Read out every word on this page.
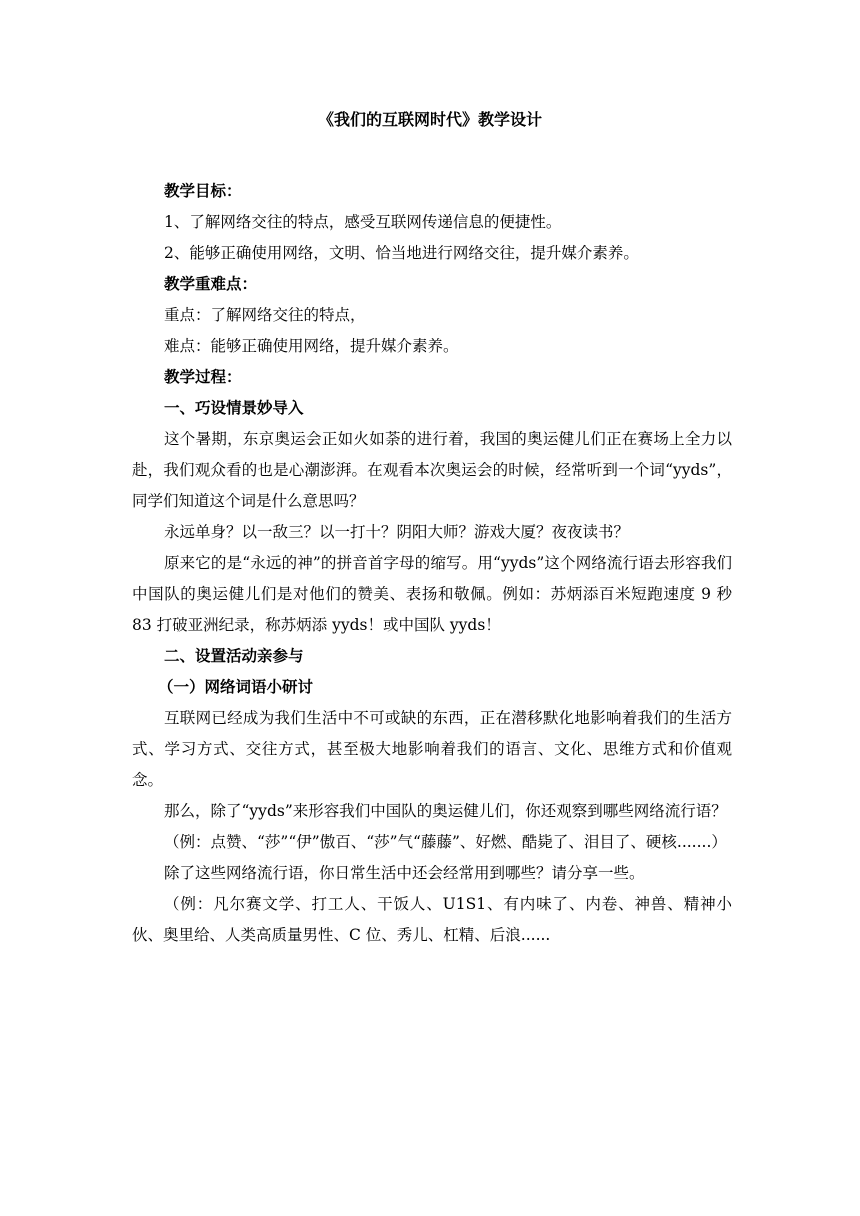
《我们的互联网时代》教学设计

教学目标：

1、了解网络交往的特点，感受互联网传递信息的便捷性。

2、能够正确使用网络，文明、恰当地进行网络交往，提升媒介素养。

教学重难点：

重点：了解网络交往的特点，

难点：能够正确使用网络，提升媒介素养。

教学过程：

一、巧设情景妙导入

这个暑期，东京奥运会正如火如荼的进行着，我国的奥运健儿们正在赛场上全力以赴，我们观众看的也是心潮澎湃。在观看本次奥运会的时候，经常听到一个词“yyds”，同学们知道这个词是什么意思吗？

永远单身？以一敌三？以一打十？阴阳大师？游戏大厦？夜夜读书？

原来它的是“永远的神”的拼音首字母的缩写。用“yyds”这个网络流行语去形容我们中国队的奥运健儿们是对他们的赞美、表扬和敬佩。例如：苏炳添百米短跑速度 9 秒 83 打破亚洲纪录，称苏炳添 yyds！或中国队 yyds！

二、设置活动亲参与

（一）网络词语小研讨

互联网已经成为我们生活中不可或缺的东西，正在潜移默化地影响着我们的生活方式、学习方式、交往方式，甚至极大地影响着我们的语言、文化、思维方式和价值观念。

那么，除了“yyds”来形容我们中国队的奥运健儿们，你还观察到哪些网络流行语？

（例：点赞、“莎”“伊”傲百、“莎”气“藤藤”、好燃、酷毙了、泪目了、硬核.......）

除了这些网络流行语，你日常生活中还会经常用到哪些？请分享一些。

（例：凡尔赛文学、打工人、干饭人、U1S1、有内味了、内卷、神兽、精神小伙、奥里给、人类高质量男性、C 位、秀儿、杠精、后浪......
